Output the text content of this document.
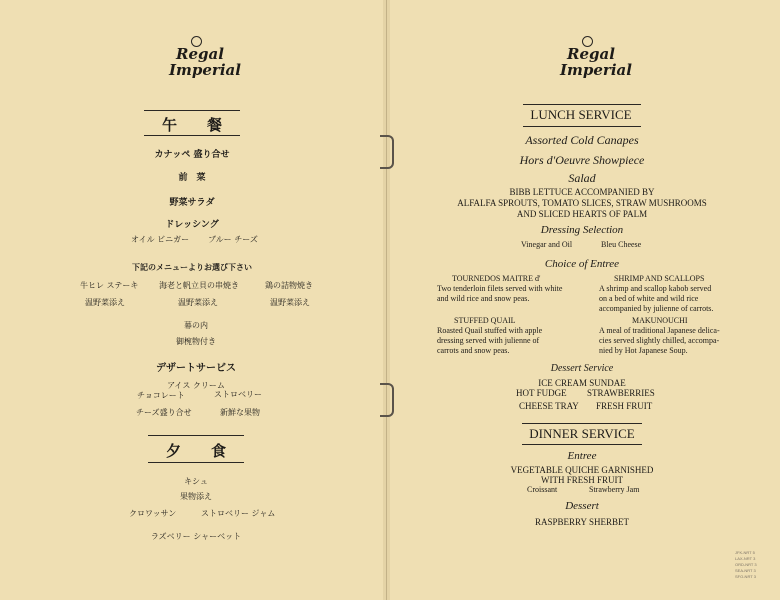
Regal
Imperial
午　　餐
カナッペ 盛り合せ
前　菜
野菜サラダ
ドレッシング
オイル ビニガー ブルー チーズ
下記のメニューよりお選び下さい
牛ヒレ ステーキ	海老と帆立貝の串焼き	鶏の詰物焼き
温野菜添え	温野菜添え	温野菜添え
幕の内
御椀物付き
デザートサービス
アイス クリーム
チョコレート	ストロベリー
チーズ盛り合せ	新鮮な果物
夕　　食
キシュ
果物添え
クロワッサン	ストロベリー ジャム
ラズベリー シャーベット
Regal
Imperial
LUNCH SERVICE
Assorted Cold Canapes
Hors d'Oeuvre Showpiece
Salad
BIBB LETTUCE ACCOMPANIED BY
ALFALFA SPROUTS, TOMATO SLICES, STRAW MUSHROOMS
AND SLICED HEARTS OF PALM
Dressing Selection
Vinegar and Oil	Bleu Cheese
Choice of Entree
TOURNEDOS MAITRE d'
Two tenderloin filets served with white
and wild rice and snow peas.
SHRIMP AND SCALLOPS
A shrimp and scallop kabob served
on a bed of white and wild rice
accompanied by julienne of carrots.
STUFFED QUAIL
Roasted Quail stuffed with apple
dressing served with julienne of
carrots and snow peas.
MAKUNOUCHI
A meal of traditional Japanese delica-
cies served slightly chilled, accompa-
nied by Hot Japanese Soup.
Dessert Service
ICE CREAM SUNDAE
HOT FUDGE STRAWBERRIES
CHEESE TRAY FRESH FRUIT
DINNER SERVICE
Entree
VEGETABLE QUICHE GARNISHED
WITH FRESH FRUIT
Croissant	Strawberry Jam
Dessert
RASPBERRY SHERBET
JFK-NRT 5
LAX-NRT 3
ORD-NRT 3
SEA-NRT 3
SFO-NRT 3
